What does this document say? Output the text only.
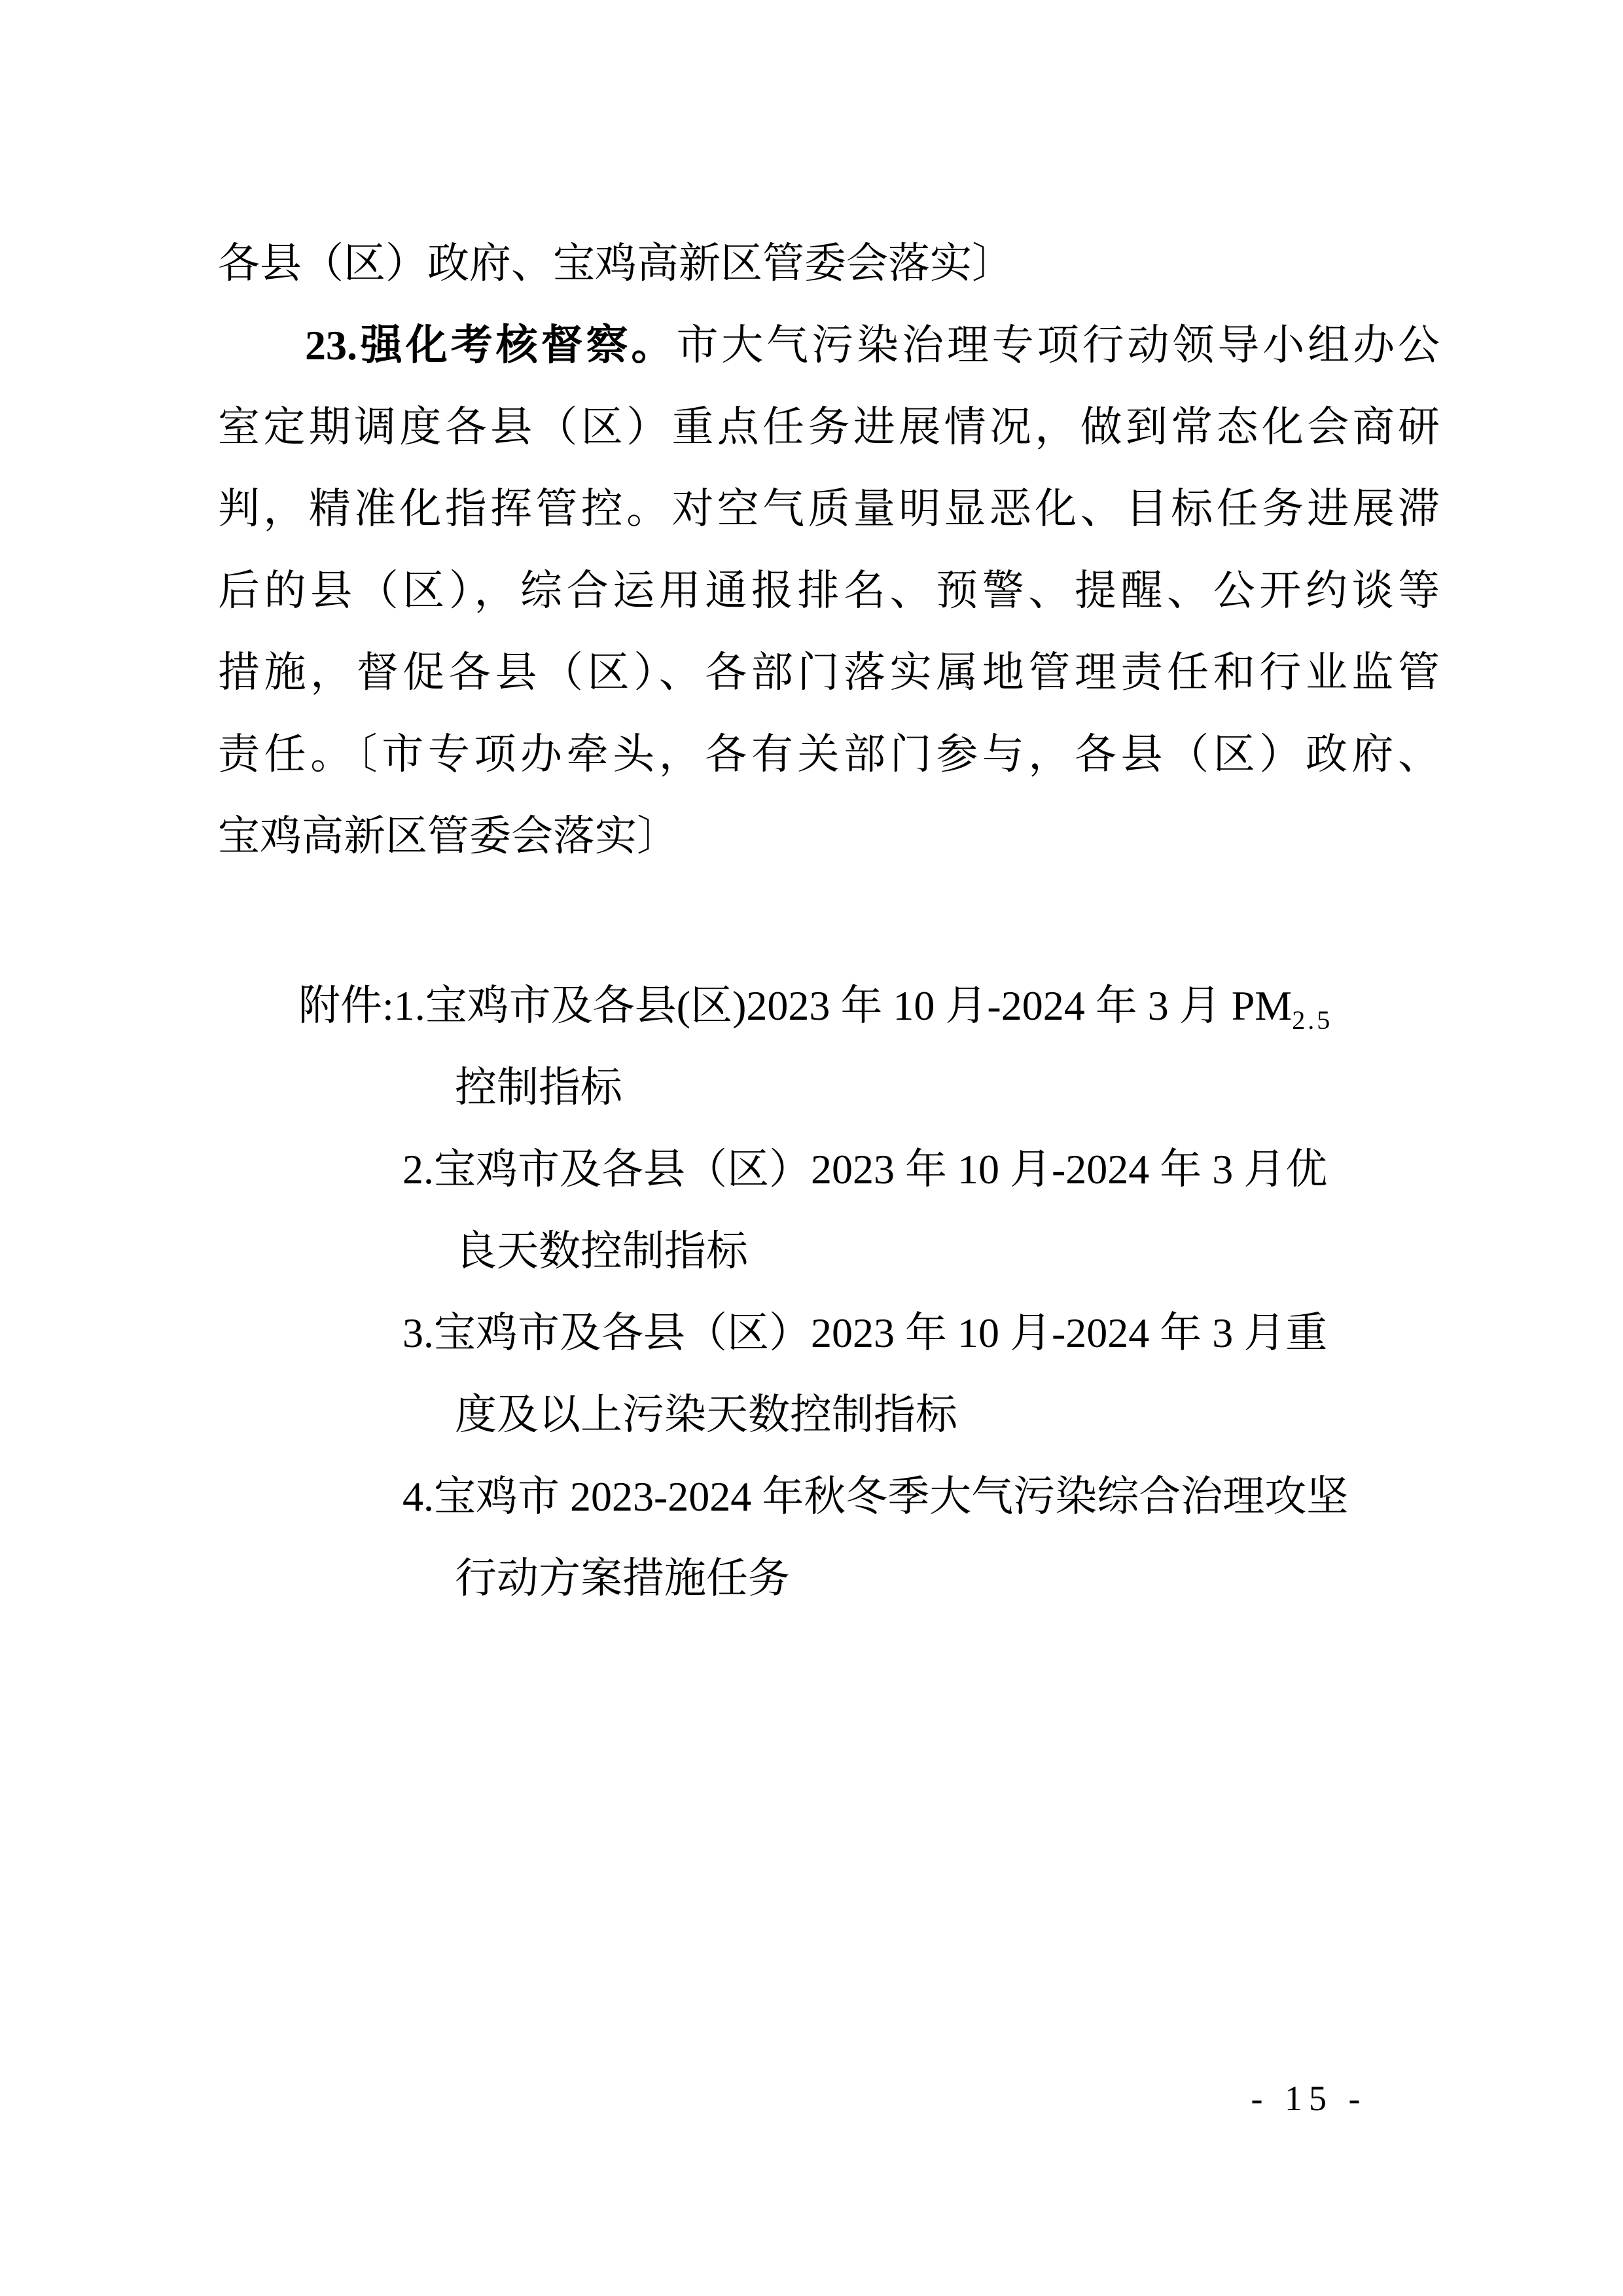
各县（区）政府、宝鸡高新区管委会落实〕
23.强化考核督察。市大气污染治理专项行动领导小组办公
室定期调度各县（区）重点任务进展情况，做到常态化会商研
判，精准化指挥管控。对空气质量明显恶化、目标任务进展滞
后的县（区），综合运用通报排名、预警、提醒、公开约谈等
措施，督促各县（区）、各部门落实属地管理责任和行业监管
责任。〔市专项办牵头，各有关部门参与，各县（区）政府、
宝鸡高新区管委会落实〕
附件:1.宝鸡市及各县(区)2023 年 10 月-2024 年 3 月 $PM_{2.5}$
控制指标
2.宝鸡市及各县（区）2023 年 10 月-2024 年 3 月优
良天数控制指标
3.宝鸡市及各县（区）2023 年 10 月-2024 年 3 月重
度及以上污染天数控制指标
4.宝鸡市 2023-2024 年秋冬季大气污染综合治理攻坚
行动方案措施任务
- 15 -
